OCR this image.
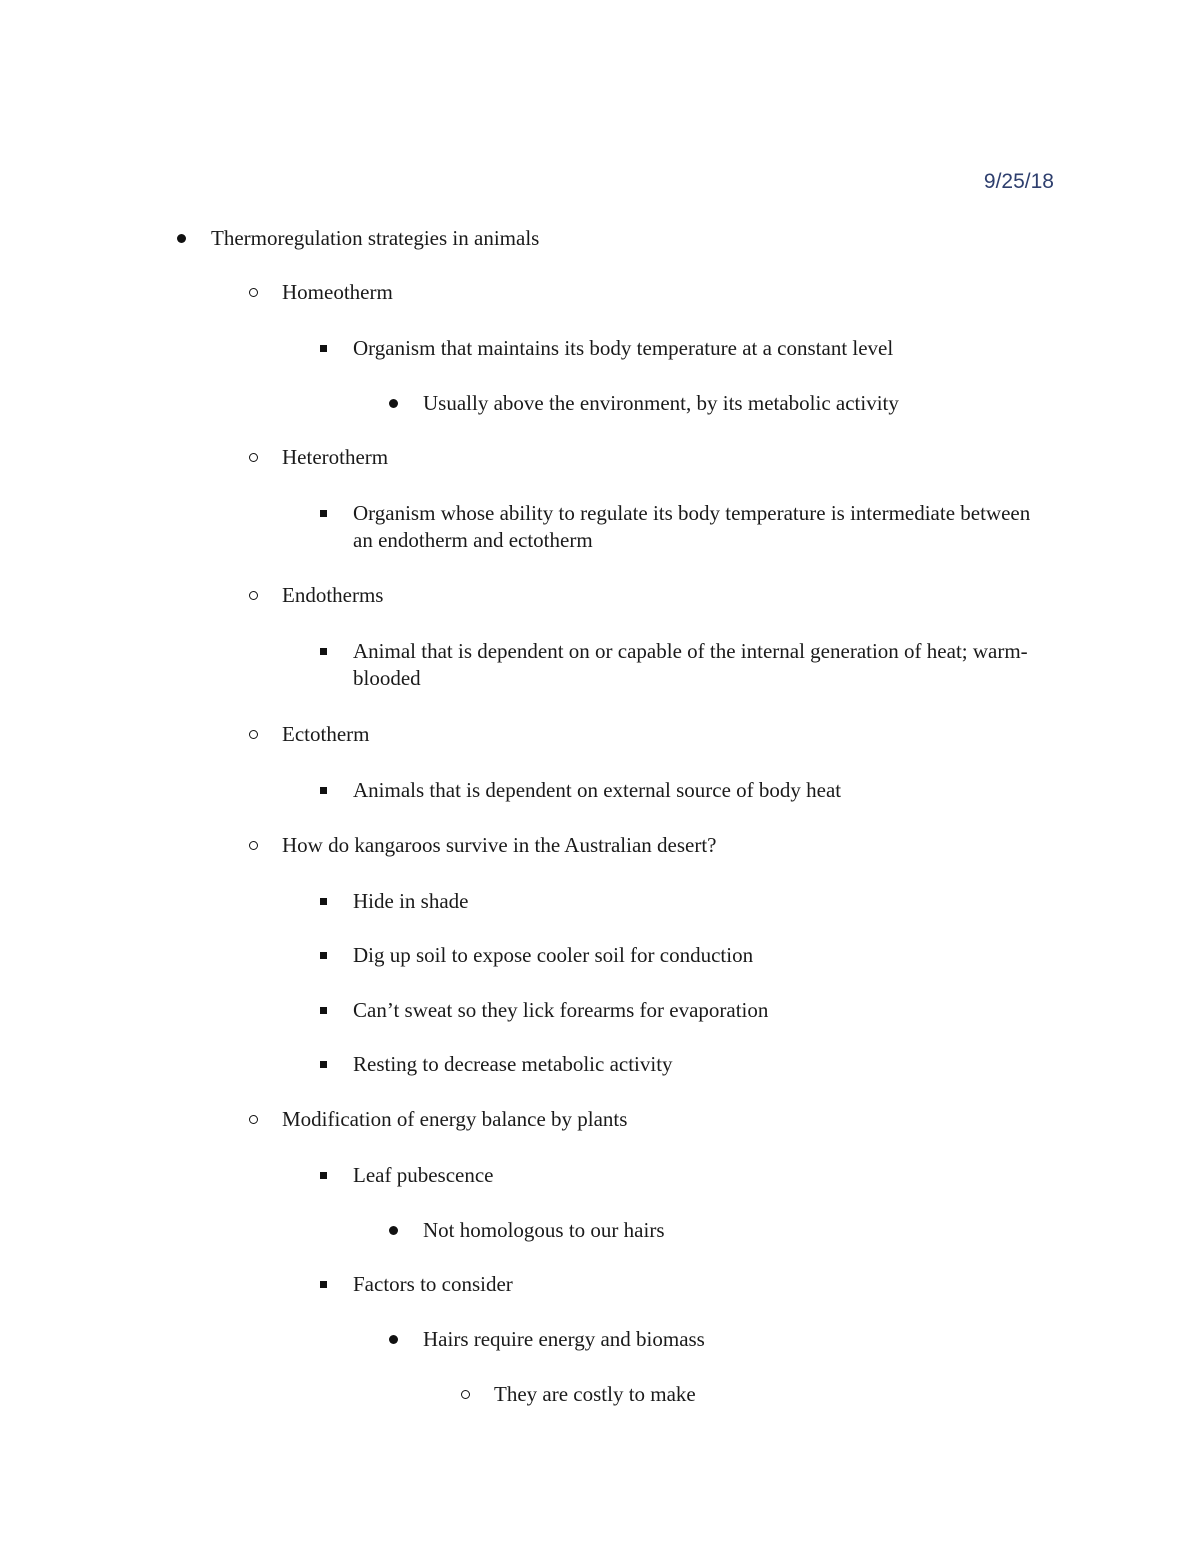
9/25/18
Thermoregulation strategies in animals
Homeotherm
Organism that maintains its body temperature at a constant level
Usually above the environment, by its metabolic activity
Heterotherm
Organism whose ability to regulate its body temperature is intermediate between an endotherm and ectotherm
Endotherms
Animal that is dependent on or capable of the internal generation of heat; warm-blooded
Ectotherm
Animals that is dependent on external source of body heat
How do kangaroos survive in the Australian desert?
Hide in shade
Dig up soil to expose cooler soil for conduction
Can’t sweat so they lick forearms for evaporation
Resting to decrease metabolic activity
Modification of energy balance by plants
Leaf pubescence
Not homologous to our hairs
Factors to consider
Hairs require energy and biomass
They are costly to make
